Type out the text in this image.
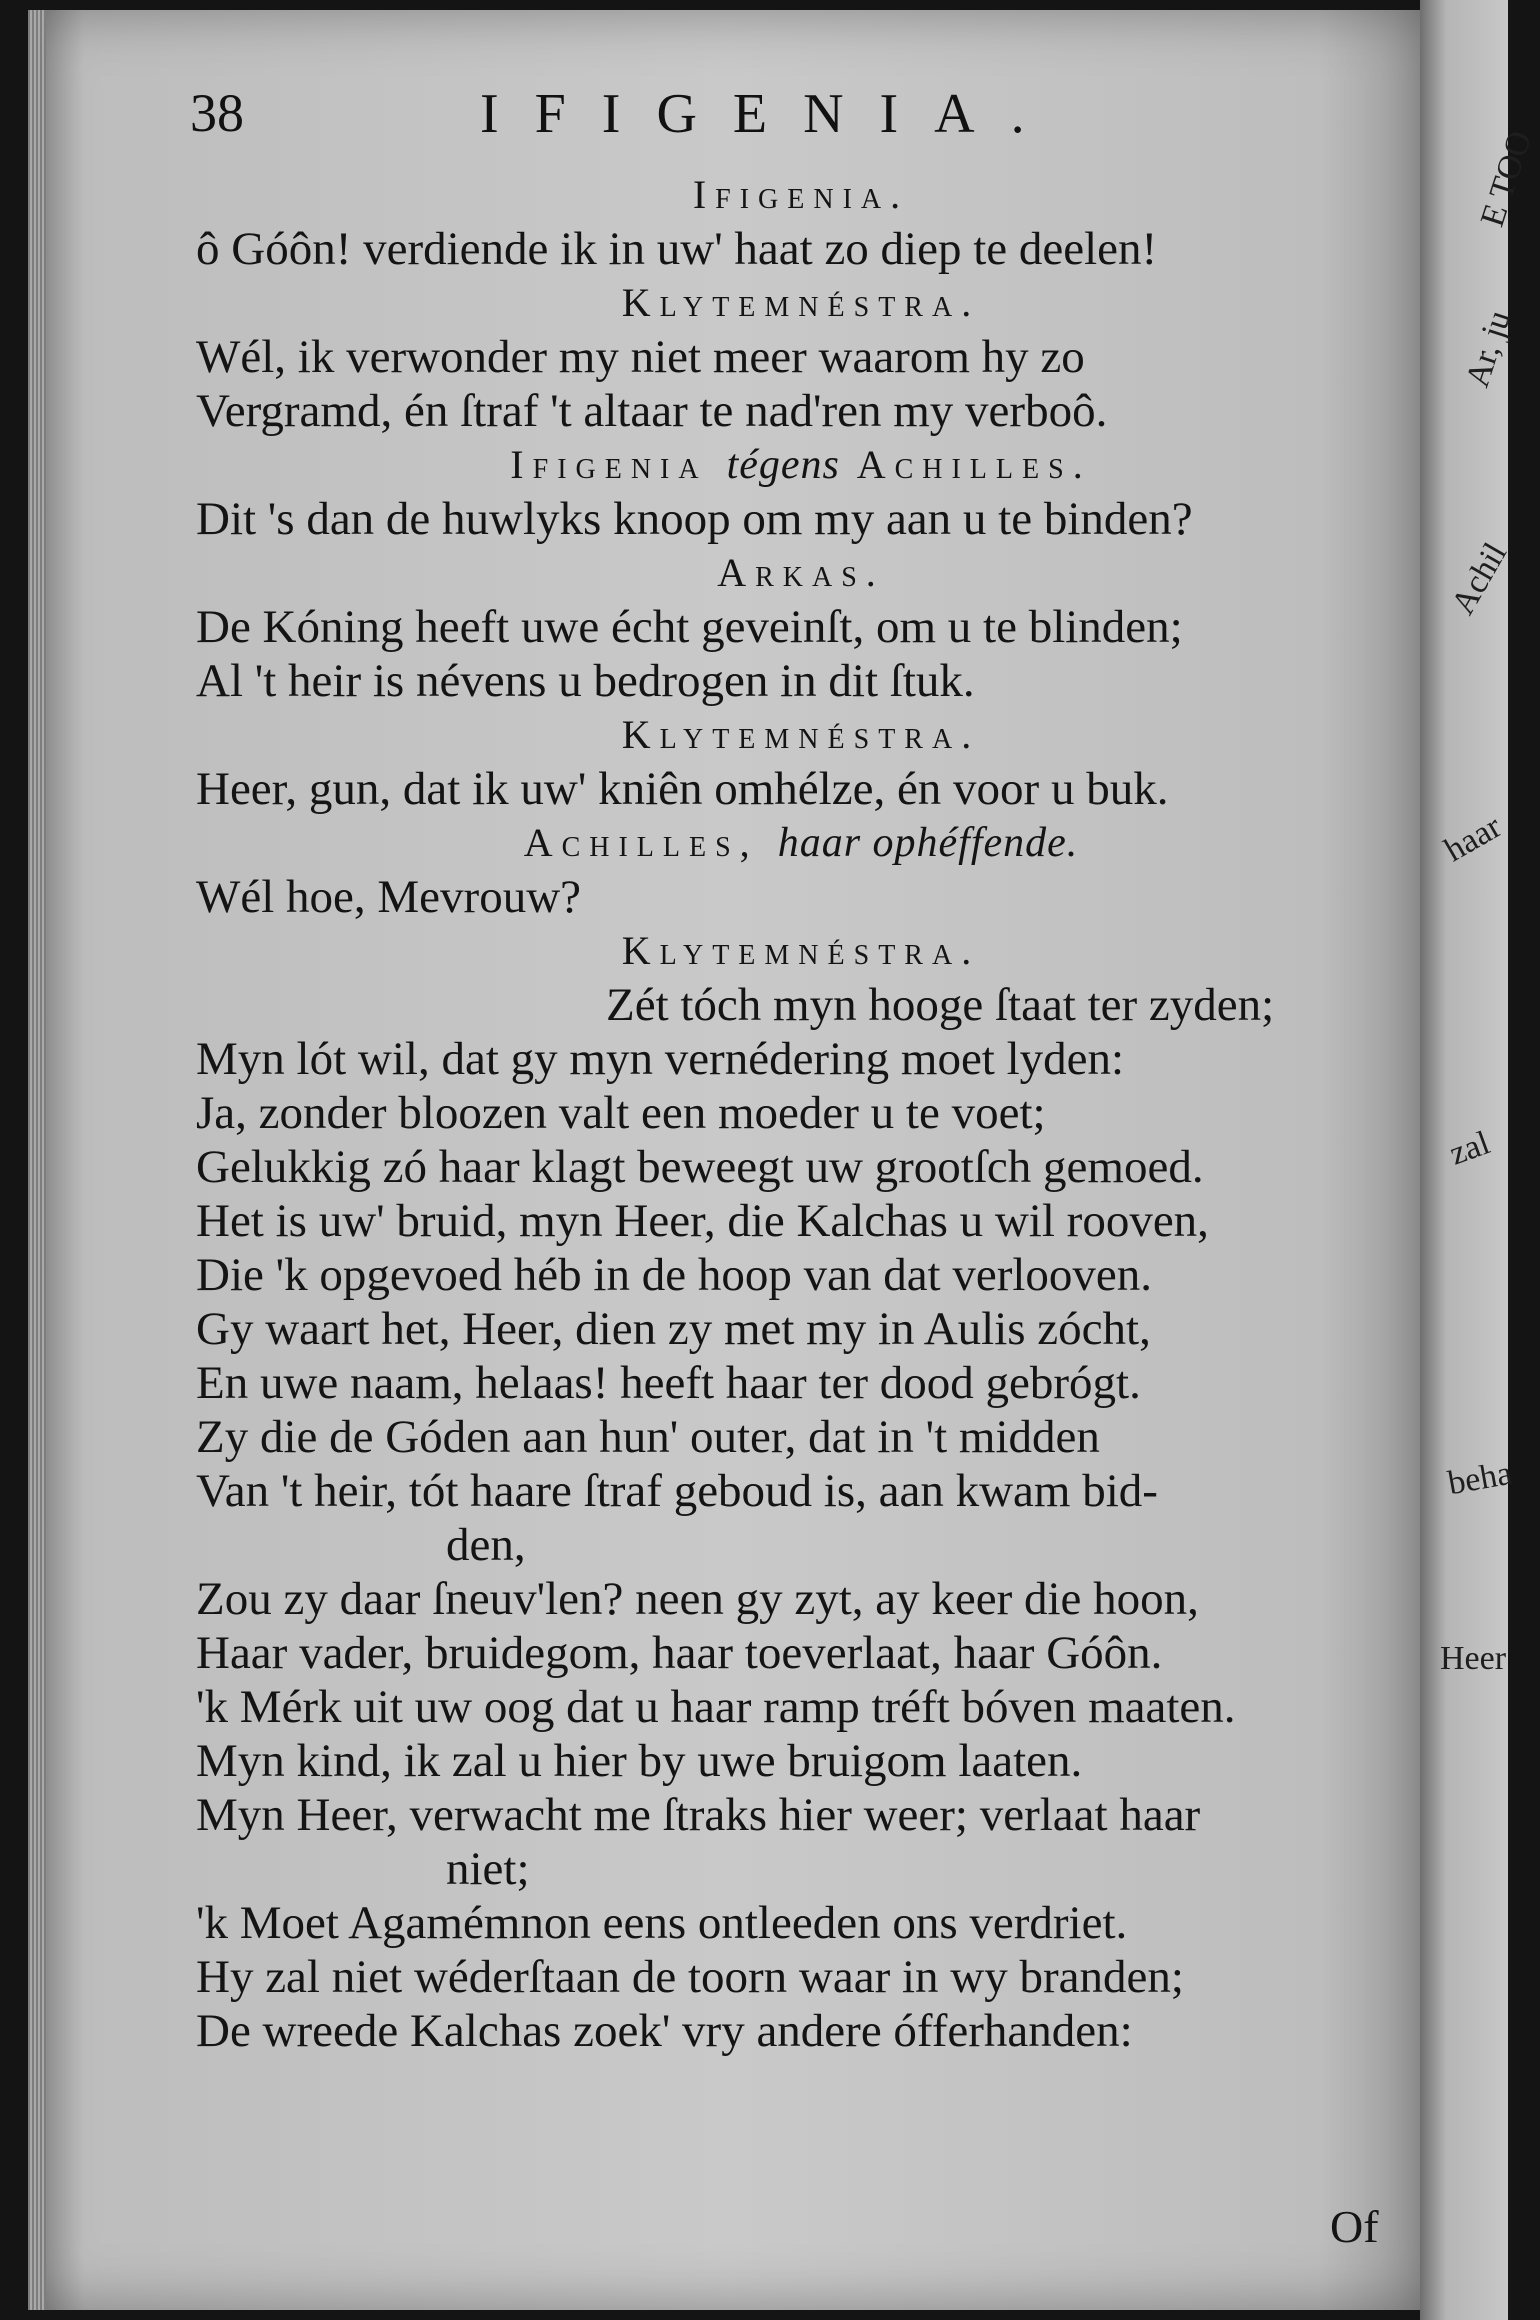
E TOO
Ar, ju
Achil
haar
zal
beha
Heer
38	IFIGENIA.
Ifigenia.
ô Góôn! verdiende ik in uw' haat zo diep te deelen!
Klytemnéstra.
Wél, ik verwonder my niet meer waarom hy zo
Vergramd, én ſtraf 't altaar te nad'ren my verboô.
Ifigenia tégens Achilles.
Dit 's dan de huwlyks knoop om my aan u te binden?
Arkas.
De Kóning heeft uwe écht geveinſt, om u te blinden;
Al 't heir is névens u bedrogen in dit ſtuk.
Klytemnéstra.
Heer, gun, dat ik uw' kniên omhélze, én voor u buk.
Achilles, haar ophéffende.
Wél hoe, Mevrouw?
Klytemnéstra.
Zét tóch myn hooge ſtaat ter zyden;
Myn lót wil, dat gy myn vernédering moet lyden:
Ja, zonder bloozen valt een moeder u te voet;
Gelukkig zó haar klagt beweegt uw grootſch gemoed.
Het is uw' bruid, myn Heer, die Kalchas u wil rooven,
Die 'k opgevoed héb in de hoop van dat verlooven.
Gy waart het, Heer, dien zy met my in Aulis zócht,
En uwe naam, helaas! heeft haar ter dood gebrógt.
Zy die de Góden aan hun' outer, dat in 't midden
Van 't heir, tót haare ſtraf geboud is, aan kwam bid-
den,
Zou zy daar ſneuv'len? neen gy zyt, ay keer die hoon,
Haar vader, bruidegom, haar toeverlaat, haar Góôn.
'k Mérk uit uw oog dat u haar ramp tréft bóven maaten.
Myn kind, ik zal u hier by uwe bruigom laaten.
Myn Heer, verwacht me ſtraks hier weer; verlaat haar
niet;
'k Moet Agamémnon eens ontleeden ons verdriet.
Hy zal niet wéderſtaan de toorn waar in wy branden;
De wreede Kalchas zoek' vry andere ófferhanden:
Of
